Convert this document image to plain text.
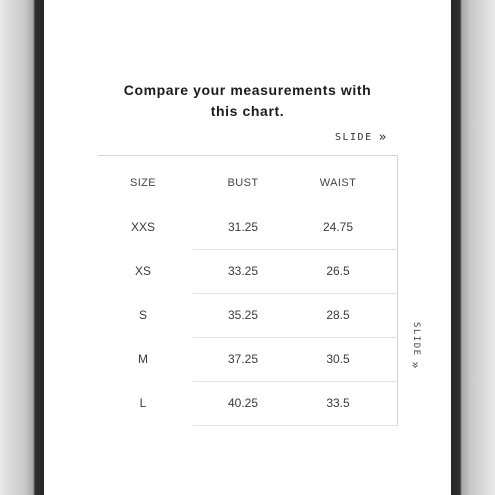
Compare your measurements with
this chart.
SLIDE »
SIZE	BUST	WAIST
XXS	31.25	24.75
XS	33.25	26.5
S	35.25	28.5
M	37.25	30.5
L	40.25	33.5
SLIDE
»
